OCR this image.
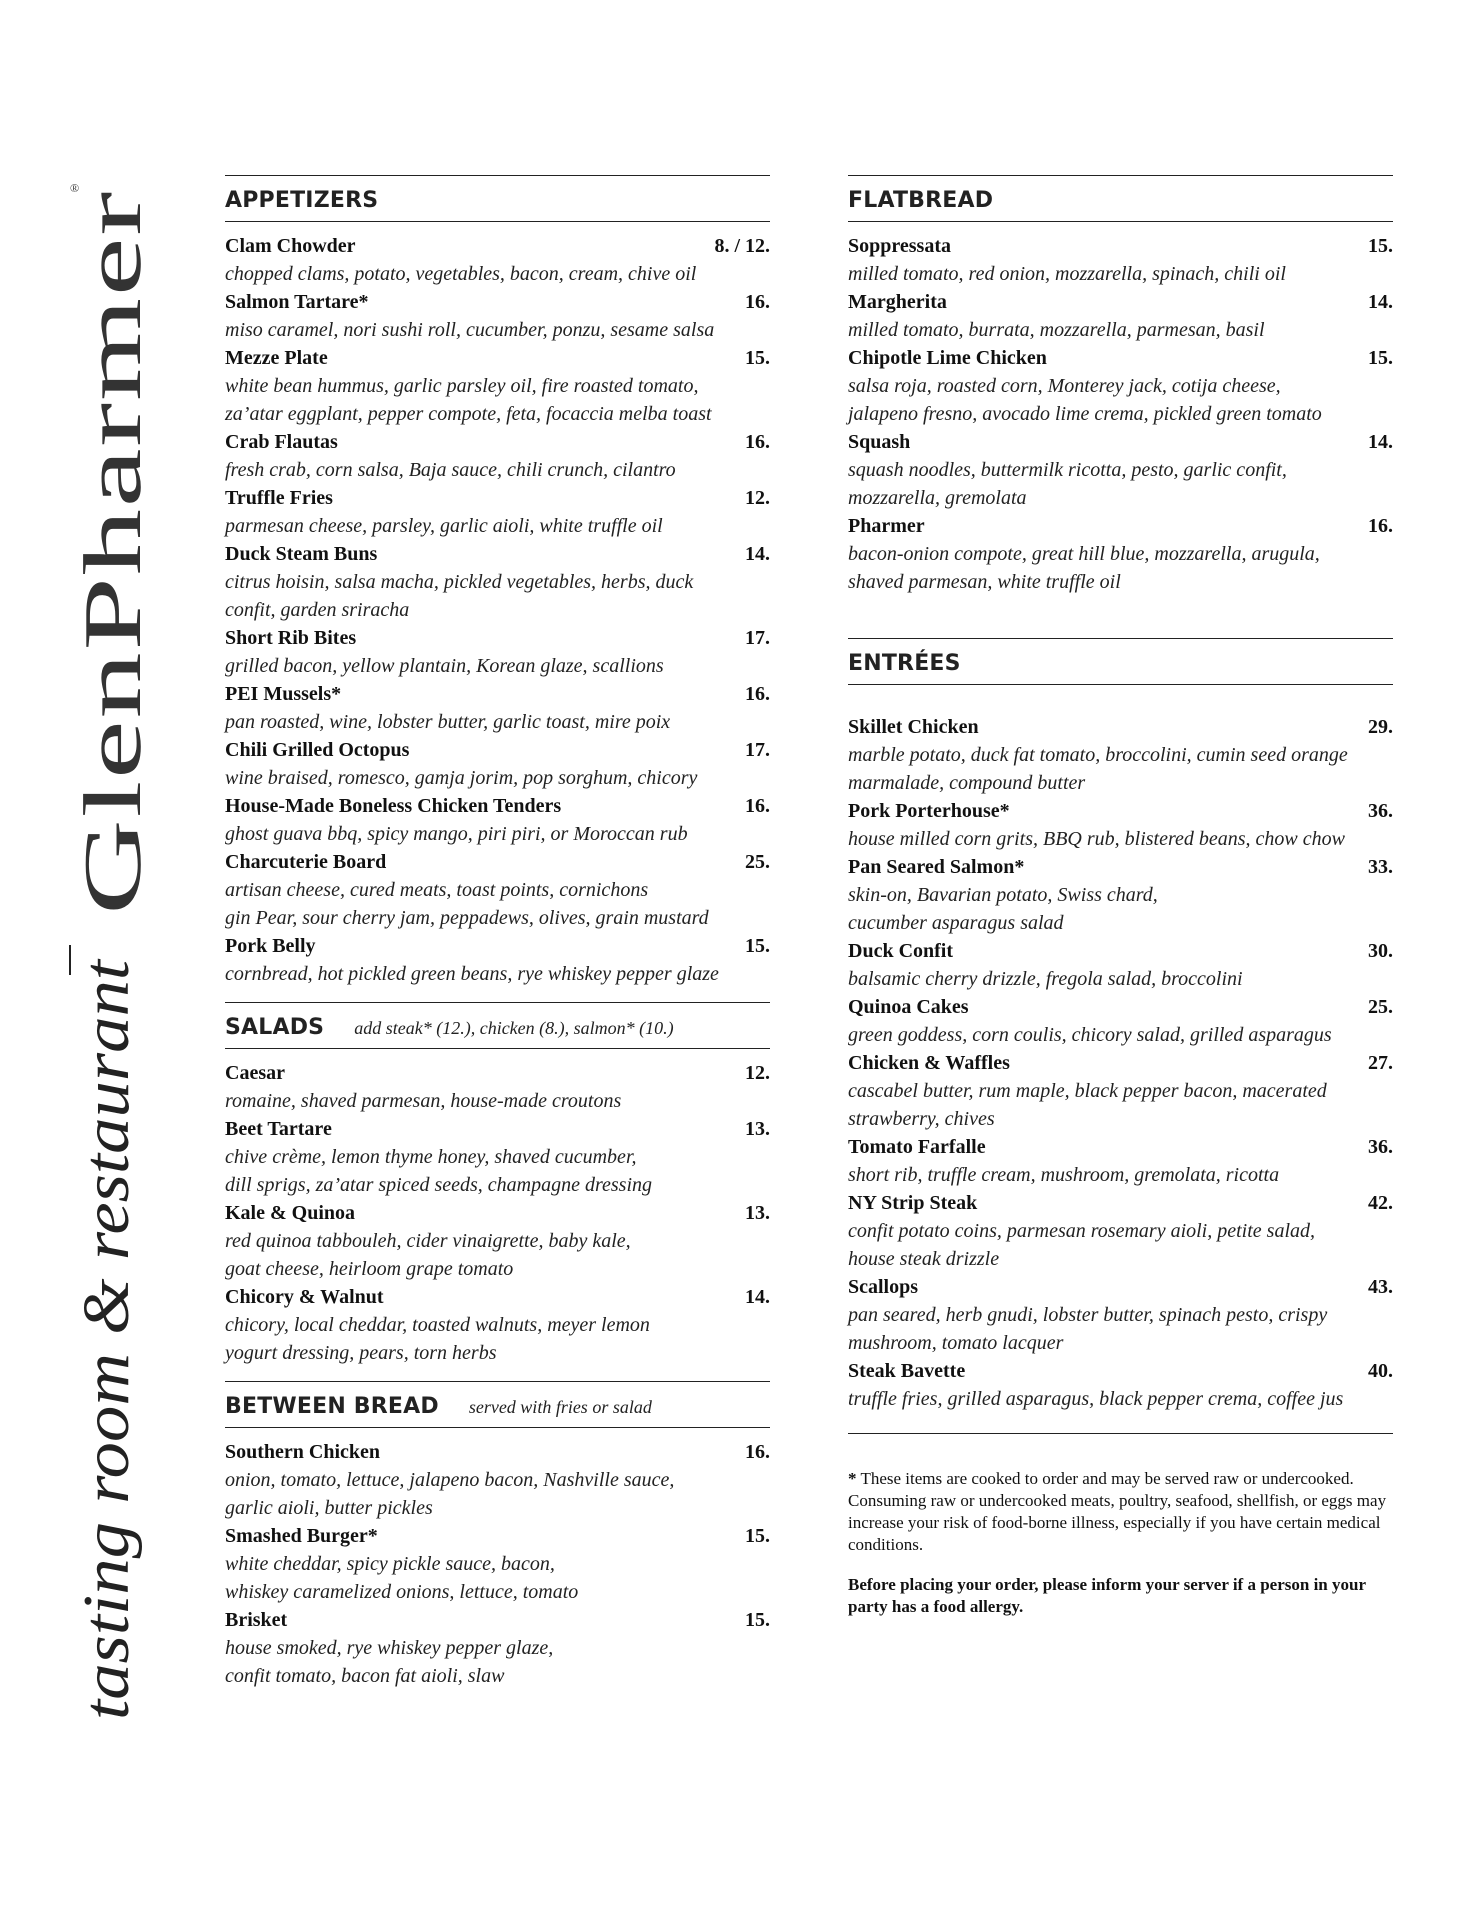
GlenPharmer
®
tasting room & restaurant
APPETIZERS
Clam Chowder	8. / 12.
chopped clams, potato, vegetables, bacon, cream, chive oil
Salmon Tartare*	16.
miso caramel, nori sushi roll, cucumber, ponzu, sesame salsa
Mezze Plate	15.
white bean hummus, garlic parsley oil, fire roasted tomato,
za’atar eggplant, pepper compote, feta, focaccia melba toast
Crab Flautas	16.
fresh crab, corn salsa, Baja sauce, chili crunch, cilantro
Truffle Fries	12.
parmesan cheese, parsley, garlic aioli, white truffle oil
Duck Steam Buns	14.
citrus hoisin, salsa macha, pickled vegetables, herbs, duck
confit, garden sriracha
Short Rib Bites	17.
grilled bacon, yellow plantain, Korean glaze, scallions
PEI Mussels*	16.
pan roasted, wine, lobster butter, garlic toast, mire poix
Chili Grilled Octopus	17.
wine braised, romesco, gamja jorim, pop sorghum, chicory
House-Made Boneless Chicken Tenders	16.
ghost guava bbq, spicy mango, piri piri, or Moroccan rub
Charcuterie Board	25.
artisan cheese, cured meats, toast points, cornichons
gin Pear, sour cherry jam, peppadews, olives, grain mustard
Pork Belly	15.
cornbread, hot pickled green beans, rye whiskey pepper glaze
SALADS add steak* (12.), chicken (8.), salmon* (10.)
Caesar	12.
romaine, shaved parmesan, house-made croutons
Beet Tartare	13.
chive crème, lemon thyme honey, shaved cucumber,
dill sprigs, za’atar spiced seeds, champagne dressing
Kale & Quinoa	13.
red quinoa tabbouleh, cider vinaigrette, baby kale,
goat cheese, heirloom grape tomato
Chicory & Walnut	14.
chicory, local cheddar, toasted walnuts, meyer lemon
yogurt dressing, pears, torn herbs
BETWEEN BREAD served with fries or salad
Southern Chicken	16.
onion, tomato, lettuce, jalapeno bacon, Nashville sauce,
garlic aioli, butter pickles
Smashed Burger*	15.
white cheddar, spicy pickle sauce, bacon,
whiskey caramelized onions, lettuce, tomato
Brisket	15.
house smoked, rye whiskey pepper glaze,
confit tomato, bacon fat aioli, slaw
FLATBREAD
Soppressata	15.
milled tomato, red onion, mozzarella, spinach, chili oil
Margherita	14.
milled tomato, burrata, mozzarella, parmesan, basil
Chipotle Lime Chicken	15.
salsa roja, roasted corn, Monterey jack, cotija cheese,
jalapeno fresno, avocado lime crema, pickled green tomato
Squash	14.
squash noodles, buttermilk ricotta, pesto, garlic confit,
mozzarella, gremolata
Pharmer	16.
bacon-onion compote, great hill blue, mozzarella, arugula,
shaved parmesan, white truffle oil
ENTRÉES
Skillet Chicken	29.
marble potato, duck fat tomato, broccolini, cumin seed orange
marmalade, compound butter
Pork Porterhouse*	36.
house milled corn grits, BBQ rub, blistered beans, chow chow
Pan Seared Salmon*	33.
skin-on, Bavarian potato, Swiss chard,
cucumber asparagus salad
Duck Confit	30.
balsamic cherry drizzle, fregola salad, broccolini
Quinoa Cakes	25.
green goddess, corn coulis, chicory salad, grilled asparagus
Chicken & Waffles	27.
cascabel butter, rum maple, black pepper bacon, macerated
strawberry, chives
Tomato Farfalle	36.
short rib, truffle cream, mushroom, gremolata, ricotta
NY Strip Steak	42.
confit potato coins, parmesan rosemary aioli, petite salad,
house steak drizzle
Scallops	43.
pan seared, herb gnudi, lobster butter, spinach pesto, crispy
mushroom, tomato lacquer
Steak Bavette	40.
truffle fries, grilled asparagus, black pepper crema, coffee jus
* These items are cooked to order and may be served raw or undercooked. Consuming raw or undercooked meats, poultry, seafood, shellfish, or eggs may increase your risk of food-borne illness, especially if you have certain medical conditions.
Before placing your order, please inform your server if a person in your party has a food allergy.
